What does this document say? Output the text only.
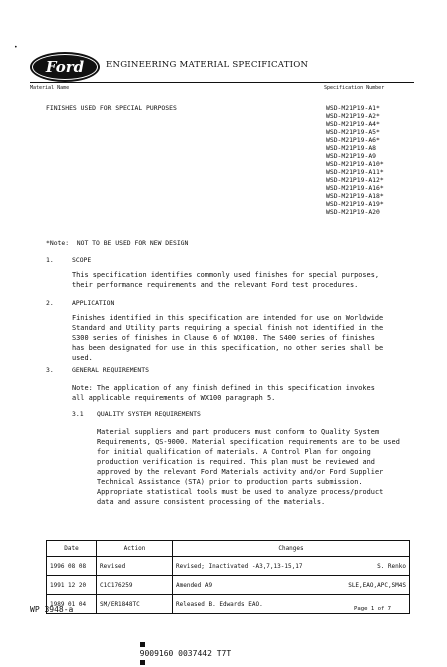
•
Ford	ENGINEERING MATERIAL SPECIFICATION
Material Name	Specification Number
FINISHES USED FOR SPECIAL PURPOSES	WSD-M21P19-A1*
WSD-M21P19-A2*
WSD-M21P19-A4*
WSD-M21P19-A5*
WSD-M21P19-A6*
WSD-M21P19-A8
WSD-M21P19-A9
WSD-M21P19-A10*
WSD-M21P19-A11*
WSD-M21P19-A12*
WSD-M21P19-A16*
WSD-M21P19-A18*
WSD-M21P19-A19*
WSD-M21P19-A20
*Note:  NOT TO BE USED FOR NEW DESIGN
1.	SCOPE
This specification identifies commonly used finishes for special purposes, their performance requirements and the relevant Ford test procedures.
2.	APPLICATION
Finishes identified in this specification are intended for use on Worldwide Standard and Utility parts requiring a special finish not identified in the S300 series of finishes in Clause 6 of WX100. The S400 series of finishes has been designated for use in this specification, no other series shall be used.
3.	GENERAL REQUIREMENTS
Note: The application of any finish defined in this specification invokes all applicable requirements of WX100 paragraph 5.
3.1 QUALITY SYSTEM REQUIREMENTS
Material suppliers and part producers must conform to Quality System Requirements, QS-9000. Material specification requirements are to be used for initial qualification of materials. A Control Plan for ongoing production verification is required. This plan must be reviewed and approved by the relevant Ford Materials activity and/or Ford Supplier Technical Assistance (STA) prior to production parts submission. Appropriate statistical tools must be used to analyze process/product data and assure consistent processing of the materials.
Date	Action	Changes
1996 08 08	Revised	Revised; Inactivated -A3,7,13-15,17 S. Renko

1991 12 20	C1C176259	Amended A9 SLE,EAO,APC,SM4S

1989 01 04	SM/ER1848TC	Released B. Edwards EAO.
WP 3948-a	Page 1 of 7

9009160 0037442 T7T
